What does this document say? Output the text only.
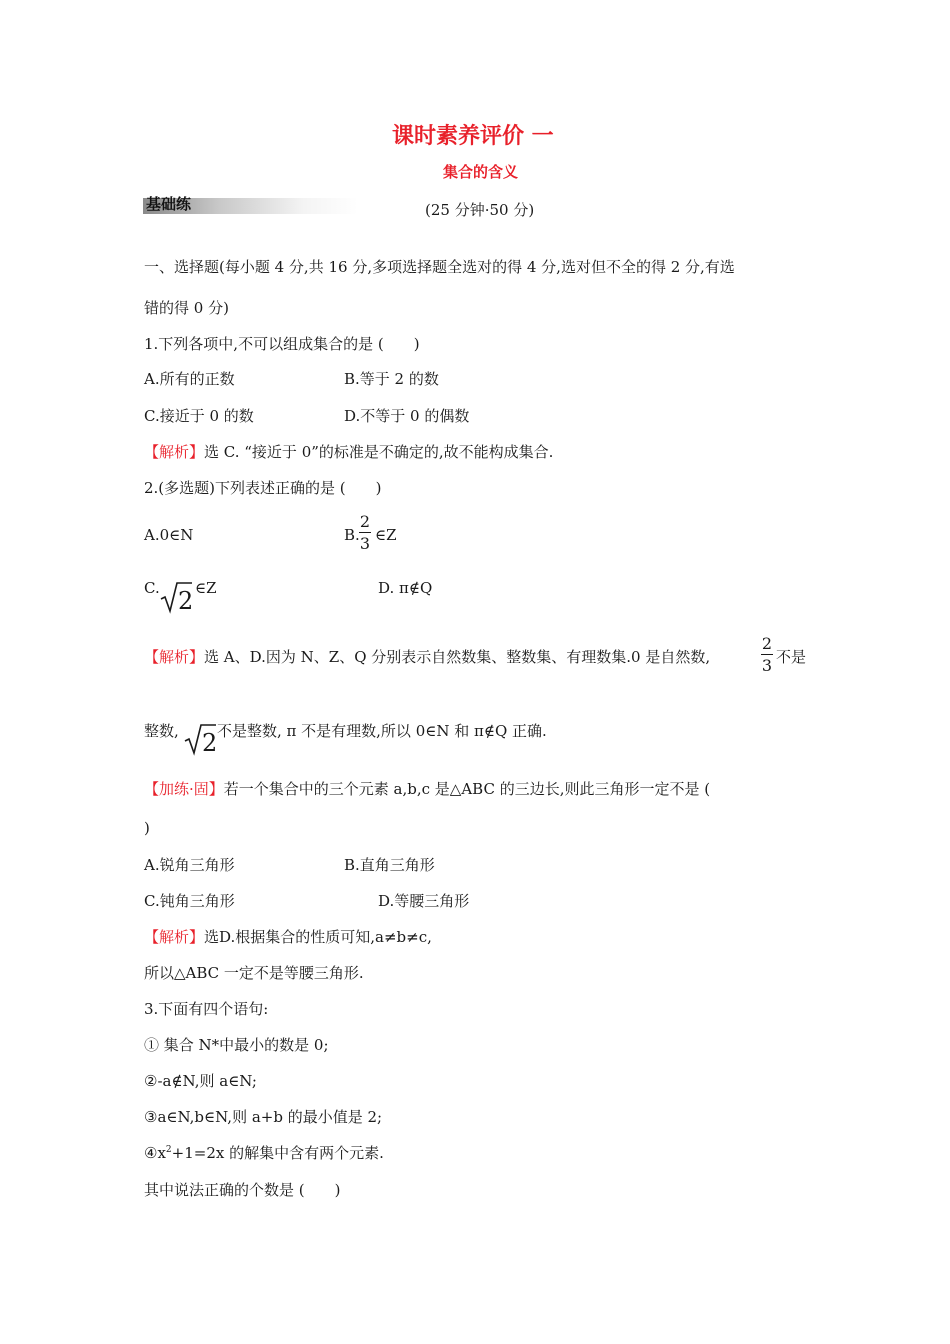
课时素养评价 一
集合的含义
基础练	(25 分钟·50 分)
一、选择题(每小题 4 分,共 16 分,多项选择题全选对的得 4 分,选对但不全的得 2 分,有选
错的得 0 分)
1.下列各项中,不可以组成集合的是 (　　)
A.所有的正数	B.等于 2 的数
C.接近于 0 的数	D.不等于 0 的偶数
【解析】选 C. “接近于 0”的标准是不确定的,故不能构成集合.
2.(多选题)下列表述正确的是 (　　)
A.0∈N	B.
2
3 ∈Z
C. 2 ∈Z	D. π∉Q
【解析】选 A、D.因为 N、Z、Q 分别表示自然数集、整数集、有理数集.0 是自然数,
2
3 不是
整数, 2 不是整数, π 不是有理数,所以 0∈N 和 π∉Q 正确.
【加练·固】若一个集合中的三个元素 a,b,c 是△ABC 的三边长,则此三角形一定不是 (
)
A.锐角三角形	B.直角三角形
C.钝角三角形	D.等腰三角形
【解析】选D.根据集合的性质可知,a≠b≠c,
所以△ABC 一定不是等腰三角形.
3.下面有四个语句:
① 集合 N*中最小的数是 0;
②-a∉N,则 a∈N;
③a∈N,b∈N,则 a+b 的最小值是 2;
$④x^2+1=2x$ 的解集中含有两个元素.
其中说法正确的个数是 (　　)
